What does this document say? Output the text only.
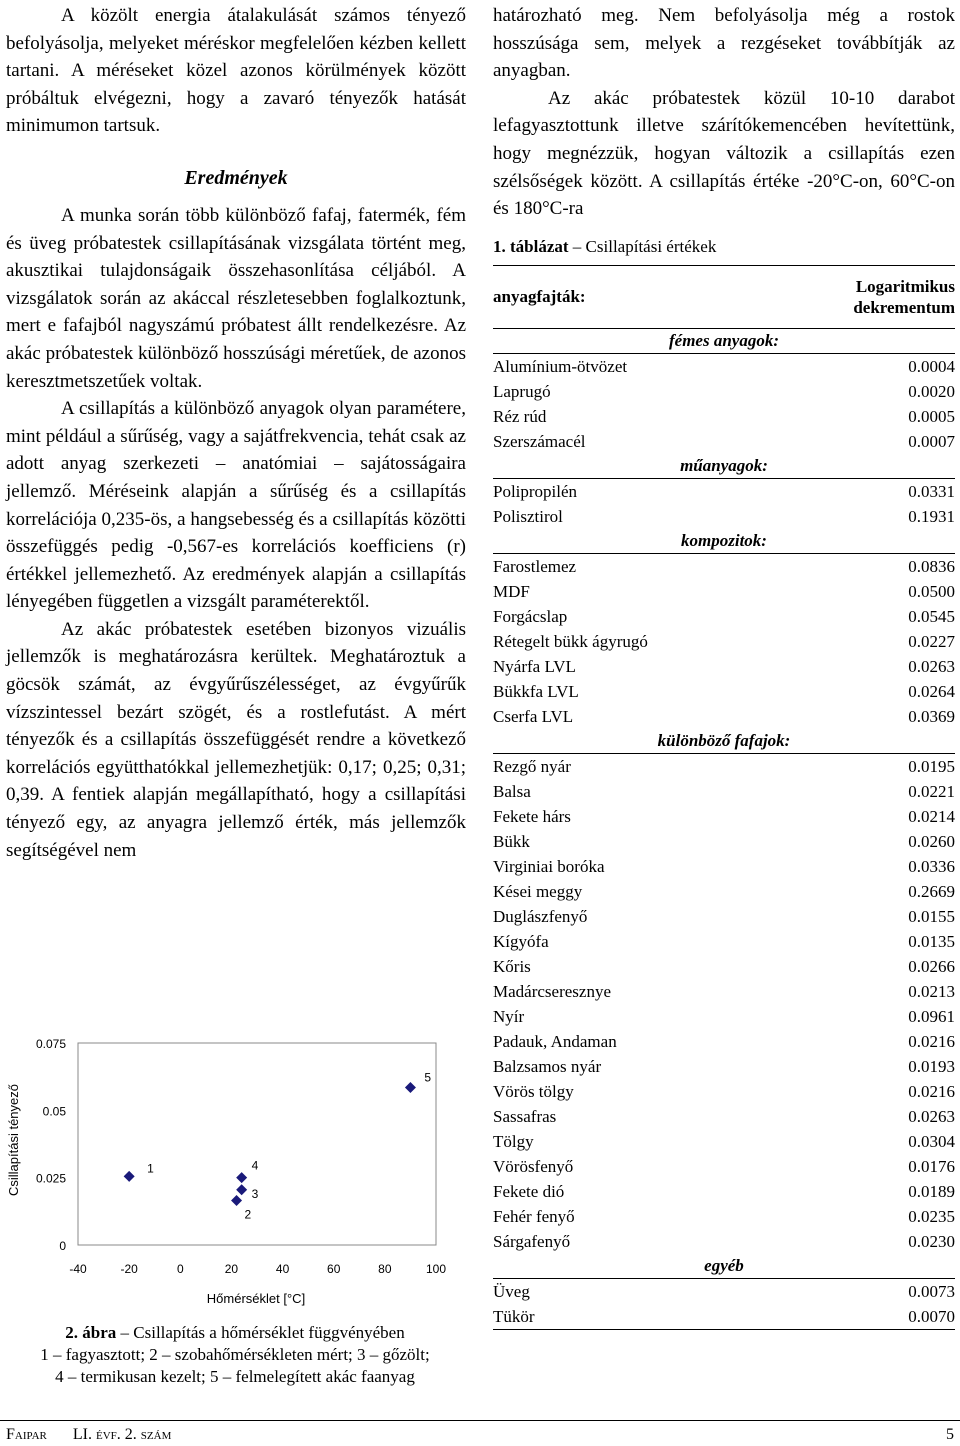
A közölt energia átalakulását számos tényező befolyásolja, melyeket méréskor megfelelően kézben kellett tartani. A méréseket közel azonos körülmények között próbáltuk elvégezni, hogy a zavaró tényezők hatását minimumon tartsuk.

Eredmények

A munka során több különböző fafaj, fatermék, fém és üveg próbatestek csillapításának vizsgálata történt meg, akusztikai tulajdonságaik összehasonlítása céljából. A vizsgálatok során az akáccal részletesebben foglalkoztunk, mert e fafajból nagyszámú próbatest állt rendelkezésre. Az akác próbatestek különböző hosszúsági méretűek, de azonos keresztmetszetűek voltak.

A csillapítás a különböző anyagok olyan paramétere, mint például a sűrűség, vagy a sajátfrekvencia, tehát csak az adott anyag szerkezeti – anatómiai – sajátosságaira jellemző. Méréseink alapján a sűrűség és a csillapítás korrelációja 0,235-ös, a hangsebesség és a csillapítás közötti összefüggés pedig -0,567-es korrelációs koefficiens (r) értékkel jellemezhető. Az eredmények alapján a csillapítás lényegében független a vizsgált paraméterektől.

Az akác próbatestek esetében bizonyos vizuális jellemzők is meghatározásra kerültek. Meghatároztuk a göcsök számát, az évgyűrűszélességet, az évgyűrűk vízszintessel bezárt szögét, és a rostlefutást. A mért tényezők és a csillapítás összefüggését rendre a következő korrelációs együtthatókkal jellemezhetjük: 0,17; 0,25; 0,31; 0,39. A fentiek alapján megállapítható, hogy a csillapítási tényező egy, az anyagra jellemző érték, más jellemzők segítségével nem

Csillapítási tényező
Hőmérséklet [°C]
0
0.025
0.05
0.075
-40	-20	0	20	40	60	80	100
1
2
3
4
5
2. ábra – Csillapítás a hőmérséklet függvényében
1 – fagyasztott; 2 – szobahőmérsékleten mért; 3 – gőzölt;
4 – termikusan kezelt; 5 – felmelegített akác faanyag

határozható meg. Nem befolyásolja még a rostok hosszúsága sem, melyek a rezgéseket továbbítják az anyagban.

Az akác próbatestek közül 10-10 darabot lefagyasztottunk illetve szárítókemencében hevítettünk, hogy megnézzük, hogyan változik a csillapítás ezen szélsőségek között. A csillapítás értéke -20°C-on, 60°C-on és 180°C-ra

1. táblázat – Csillapítási értékek
anyagfajták:	Logaritmikus dekrementum
fémes anyagok:	
Alumínium-ötvözet	0.0004
Laprugó	0.0020
Réz rúd	0.0005
Szerszámacél	0.0007
műanyagok:	
Polipropilén	0.0331
Polisztirol	0.1931
kompozitok:	
Farostlemez	0.0836
MDF	0.0500
Forgácslap	0.0545
Rétegelt bükk ágyrugó	0.0227
Nyárfa LVL	0.0263
Bükkfa LVL	0.0264
Cserfa LVL	0.0369
különböző fafajok:	
Rezgő nyár	0.0195
Balsa	0.0221
Fekete hárs	0.0214
Bükk	0.0260
Virginiai boróka	0.0336
Kései meggy	0.2669
Duglászfenyő	0.0155
Kígyófa	0.0135
Kőris	0.0266
Madárcseresznye	0.0213
Nyír	0.0961
Padauk, Andaman	0.0216
Balzsamos nyár	0.0193
Vörös tölgy	0.0216
Sassafras	0.0263
Tölgy	0.0304
Vörösfenyő	0.0176
Fekete dió	0.0189
Fehér fenyő	0.0235
Sárgafenyő	0.0230
egyéb	
Üveg	0.0073
Tükör	0.0070
Faipar LI. évf. 2. szám	5
